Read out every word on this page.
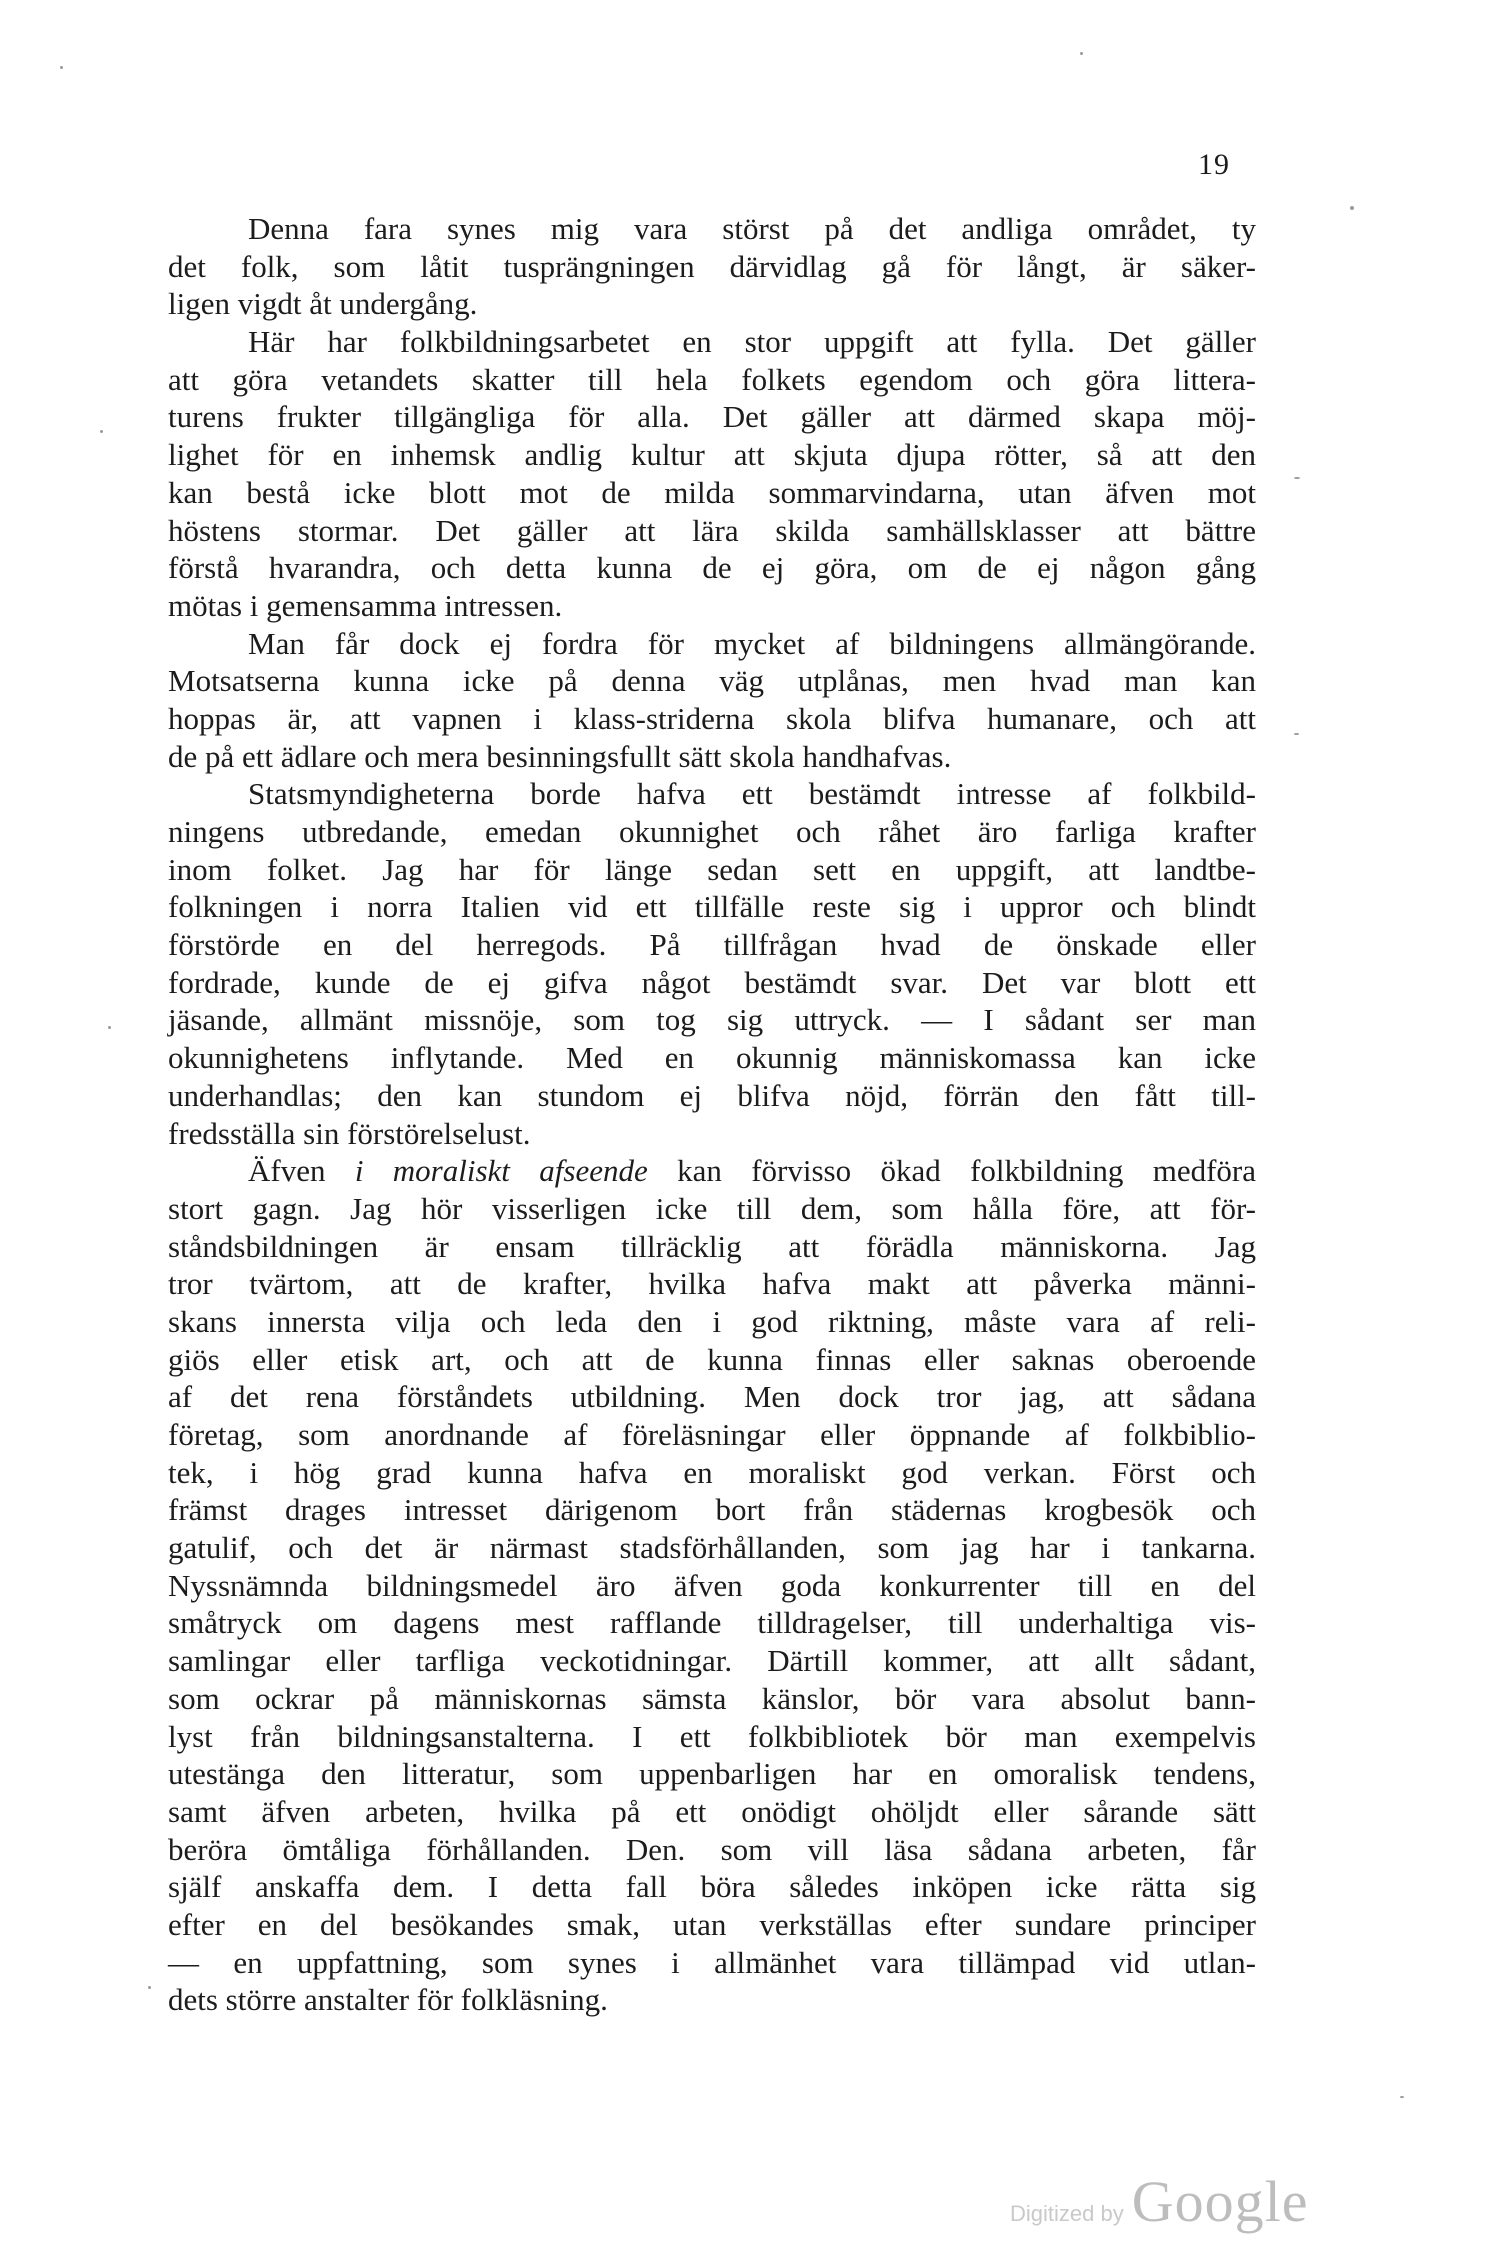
19
Denna fara synes mig vara störst på det andliga området, ty
det folk, som låtit tusprängningen därvidlag gå för långt, är säker-
ligen vigdt åt undergång.
Här har folkbildningsarbetet en stor uppgift att fylla. Det gäller
att göra vetandets skatter till hela folkets egendom och göra littera-
turens frukter tillgängliga för alla. Det gäller att därmed skapa möj-
lighet för en inhemsk andlig kultur att skjuta djupa rötter, så att den
kan bestå icke blott mot de milda sommarvindarna, utan äfven mot
höstens stormar. Det gäller att lära skilda samhällsklasser att bättre
förstå hvarandra, och detta kunna de ej göra, om de ej någon gång
mötas i gemensamma intressen.
Man får dock ej fordra för mycket af bildningens allmängörande.
Motsatserna kunna icke på denna väg utplånas, men hvad man kan
hoppas är, att vapnen i klass-striderna skola blifva humanare, och att
de på ett ädlare och mera besinningsfullt sätt skola handhafvas.
Statsmyndigheterna borde hafva ett bestämdt intresse af folkbild-
ningens utbredande, emedan okunnighet och råhet äro farliga krafter
inom folket. Jag har för länge sedan sett en uppgift, att landtbe-
folkningen i norra Italien vid ett tillfälle reste sig i uppror och blindt
förstörde en del herregods. På tillfrågan hvad de önskade eller
fordrade, kunde de ej gifva något bestämdt svar. Det var blott ett
jäsande, allmänt missnöje, som tog sig uttryck. — I sådant ser man
okunnighetens inflytande. Med en okunnig människomassa kan icke
underhandlas; den kan stundom ej blifva nöjd, förrän den fått till-
fredsställa sin förstörelselust.
Äfven i moraliskt afseende kan förvisso ökad folkbildning medföra
stort gagn. Jag hör visserligen icke till dem, som hålla före, att för-
ståndsbildningen är ensam tillräcklig att förädla människorna. Jag
tror tvärtom, att de krafter, hvilka hafva makt att påverka männi-
skans innersta vilja och leda den i god riktning, måste vara af reli-
giös eller etisk art, och att de kunna finnas eller saknas oberoende
af det rena förståndets utbildning. Men dock tror jag, att sådana
företag, som anordnande af föreläsningar eller öppnande af folkbiblio-
tek, i hög grad kunna hafva en moraliskt god verkan. Först och
främst drages intresset därigenom bort från städernas krogbesök och
gatulif, och det är närmast stadsförhållanden, som jag har i tankarna.
Nyssnämnda bildningsmedel äro äfven goda konkurrenter till en del
småtryck om dagens mest rafflande tilldragelser, till underhaltiga vis-
samlingar eller tarfliga veckotidningar. Därtill kommer, att allt sådant,
som ockrar på människornas sämsta känslor, bör vara absolut bann-
lyst från bildningsanstalterna. I ett folkbibliotek bör man exempelvis
utestänga den litteratur, som uppenbarligen har en omoralisk tendens,
samt äfven arbeten, hvilka på ett onödigt ohöljdt eller sårande sätt
beröra ömtåliga förhållanden. Den. som vill läsa sådana arbeten, får
själf anskaffa dem. I detta fall böra således inköpen icke rätta sig
efter en del besökandes smak, utan verkställas efter sundare principer
— en uppfattning, som synes i allmänhet vara tillämpad vid utlan-
dets större anstalter för folkläsning.
Digitized by Google
